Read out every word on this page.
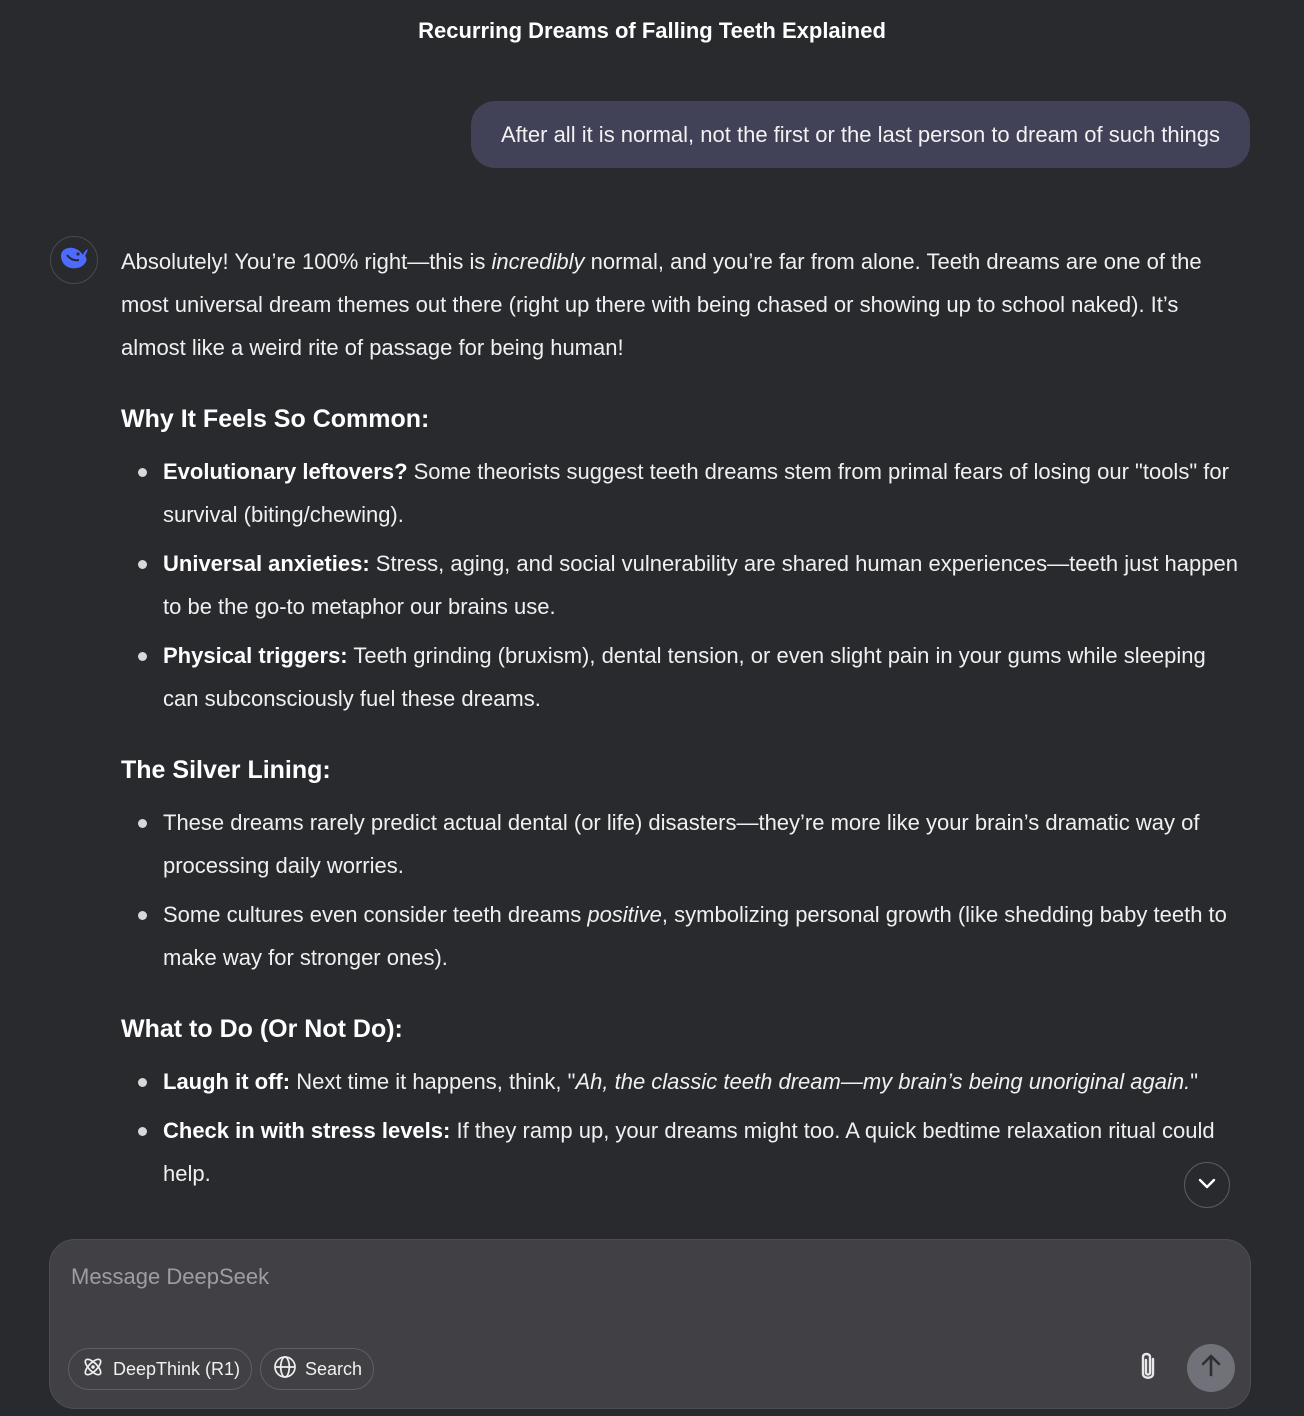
Recurring Dreams of Falling Teeth Explained
After all it is normal, not the first or the last person to dream of such things

Absolutely! You’re 100% right—this is incredibly normal, and you’re far from alone. Teeth dreams are one of the most universal dream themes out there (right up there with being chased or showing up to school naked). It’s almost like a weird rite of passage for being human!

Why It Feels So Common:
Evolutionary leftovers? Some theorists suggest teeth dreams stem from primal fears of losing our "tools" for survival (biting/chewing).
Universal anxieties: Stress, aging, and social vulnerability are shared human experiences—teeth just happen to be the go-to metaphor our brains use.
Physical triggers: Teeth grinding (bruxism), dental tension, or even slight pain in your gums while sleeping can subconsciously fuel these dreams.
The Silver Lining:
These dreams rarely predict actual dental (or life) disasters—they’re more like your brain’s dramatic way of processing daily worries.
Some cultures even consider teeth dreams positive, symbolizing personal growth (like shedding baby teeth to make way for stronger ones).
What to Do (Or Not Do):
Laugh it off: Next time it happens, think, "Ah, the classic teeth dream—my brain’s being unoriginal again."
Check in with stress levels: If they ramp up, your dreams might too. A quick bedtime relaxation ritual could help.
Message DeepSeek
DeepThink (R1)	Search
